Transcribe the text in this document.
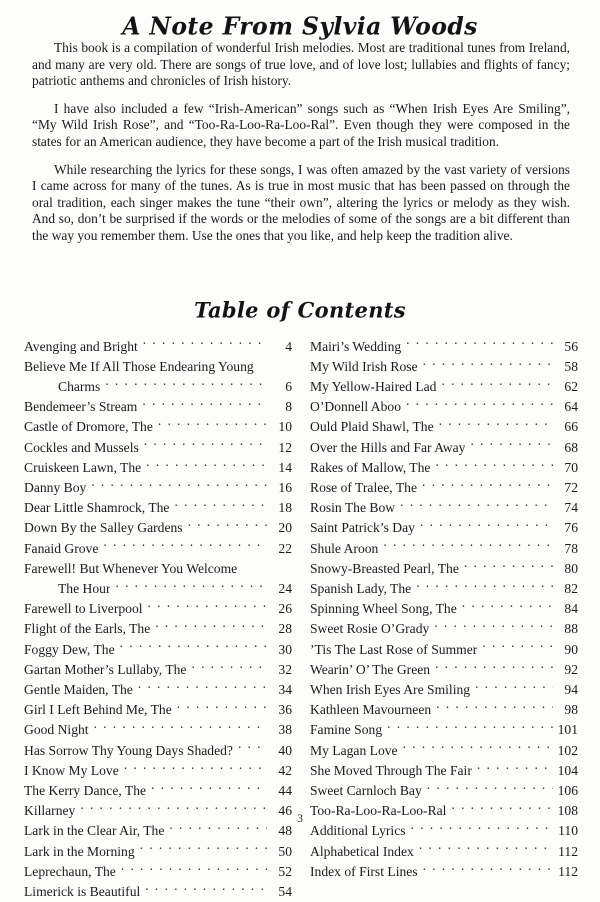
A Note From Sylvia Woods

This book is a compilation of wonderful Irish melodies. Most are traditional tunes from Ireland, and many are very old. There are songs of true love, and of love lost; lullabies and flights of fancy; patriotic anthems and chronicles of Irish history.

I have also included a few “Irish-American” songs such as “When Irish Eyes Are Smiling”, “My Wild Irish Rose”, and “Too-Ra-Loo-Ra-Loo-Ral”. Even though they were composed in the states for an American audience, they have become a part of the Irish musical tradition.

While researching the lyrics for these songs, I was often amazed by the vast variety of versions I came across for many of the tunes. As is true in most music that has been passed on through the oral tradition, each singer makes the tune “their own”, altering the lyrics or melody as they wish. And so, don’t be surprised if the words or the melodies of some of the songs are a bit different than the way you remember them. Use the ones that you like, and help keep the tradition alive.

Table of Contents
Avenging and Bright . . .	4
Believe Me If All Those Endearing Young
Charms . . .	6
Bendemeer’s Stream . . .	8
Castle of Dromore, The . . .	10
Cockles and Mussels . . .	12
Cruiskeen Lawn, The . . .	14
Danny Boy . . .	16
Dear Little Shamrock, The . . .	18
Down By the Salley Gardens . . .	20
Fanaid Grove . . .	22
Farewell! But Whenever You Welcome
The Hour . . .	24
Farewell to Liverpool . . .	26
Flight of the Earls, The . . .	28
Foggy Dew, The . . .	30
Gartan Mother’s Lullaby, The . . .	32
Gentle Maiden, The . . .	34
Girl I Left Behind Me, The . . .	36
Good Night . . .	38
Has Sorrow Thy Young Days Shaded? . . .	40
I Know My Love . . .	42
The Kerry Dance, The . . .	44
Killarney . . .	46
Lark in the Clear Air, The . . .	48
Lark in the Morning . . .	50
Leprechaun, The . . .	52
Limerick is Beautiful . . .	54
Mairi’s Wedding . . .	56
My Wild Irish Rose . . .	58
My Yellow-Haired Lad . . .	62
O’Donnell Aboo . . .	64
Ould Plaid Shawl, The . . .	66
Over the Hills and Far Away . . .	68
Rakes of Mallow, The . . .	70
Rose of Tralee, The . . .	72
Rosin The Bow . . .	74
Saint Patrick’s Day . . .	76
Shule Aroon . . .	78
Snowy-Breasted Pearl, The . . .	80
Spanish Lady, The . . .	82
Spinning Wheel Song, The . . .	84
Sweet Rosie O’Grady . . .	88
’Tis The Last Rose of Summer . . .	90
Wearin’ O’ The Green . . .	92
When Irish Eyes Are Smiling . . .	94
Kathleen Mavourneen . . .	98
Famine Song . . .	101
My Lagan Love . . .	102
She Moved Through The Fair . . .	104
Sweet Carnloch Bay . . .	106
Too-Ra-Loo-Ra-Loo-Ral . . .	108
Additional Lyrics . . .	110
Alphabetical Index . . .	112
Index of First Lines . . .	112
3
